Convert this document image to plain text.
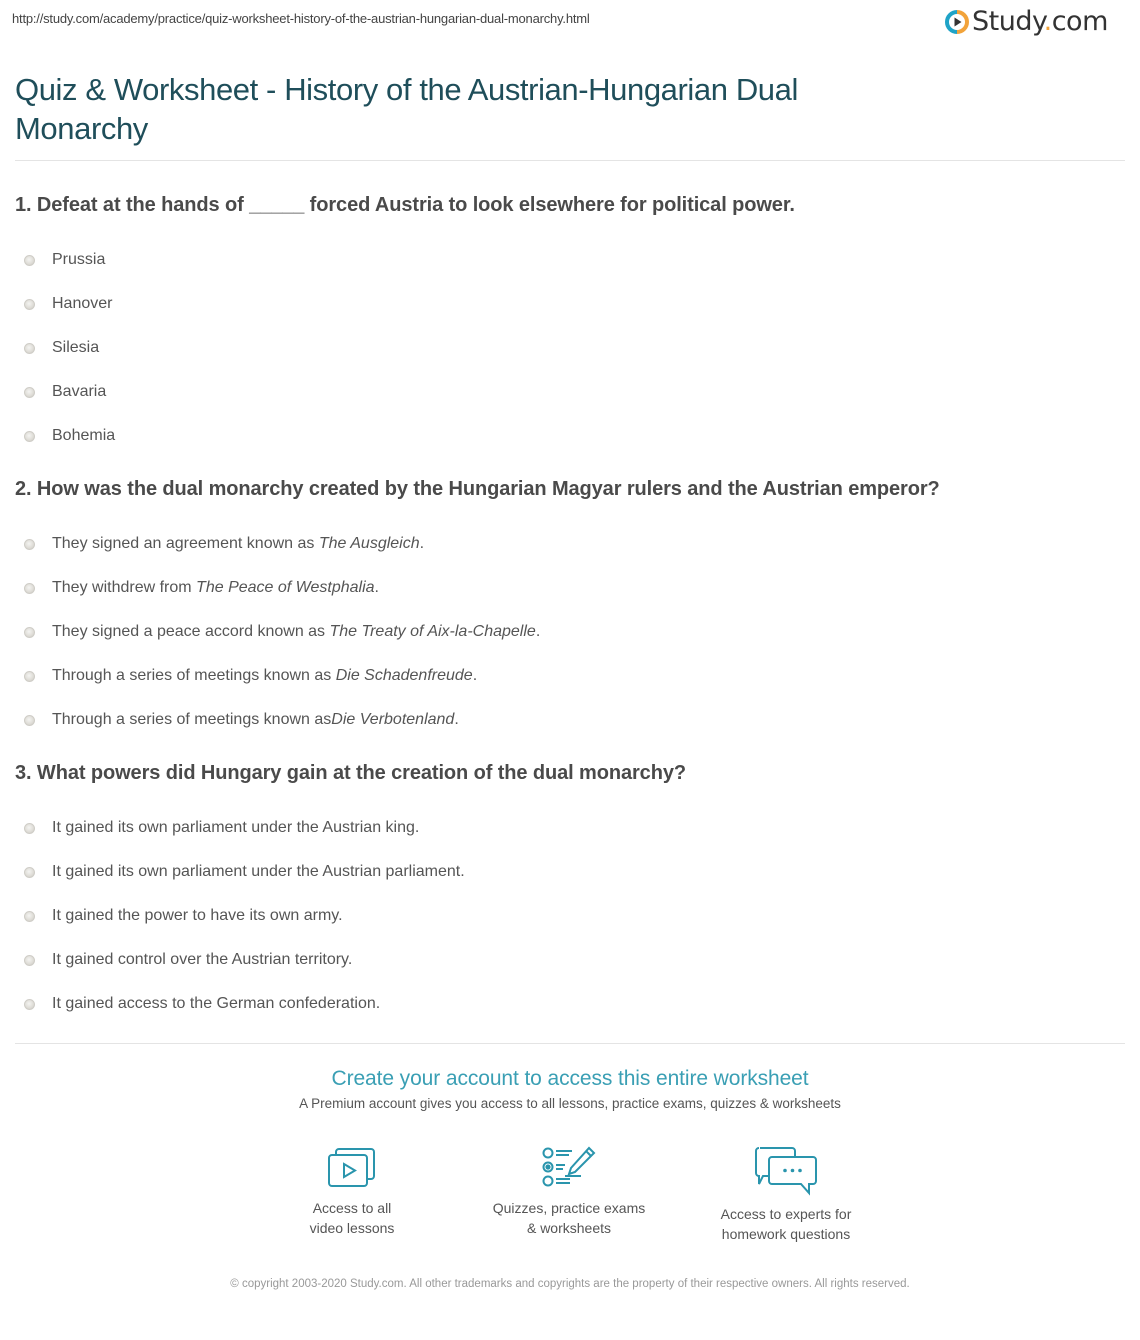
http://study.com/academy/practice/quiz-worksheet-history-of-the-austrian-hungarian-dual-monarchy.html	Study.com
Quiz & Worksheet - History of the Austrian-Hungarian Dual Monarchy
1. Defeat at the hands of _____ forced Austria to look elsewhere for political power.
Prussia
Hanover
Silesia
Bavaria
Bohemia
2. How was the dual monarchy created by the Hungarian Magyar rulers and the Austrian emperor?
They signed an agreement known as The Ausgleich.
They withdrew from The Peace of Westphalia.
They signed a peace accord known as The Treaty of Aix-la-Chapelle.
Through a series of meetings known as Die Schadenfreude.
Through a series of meetings known asDie Verbotenland.
3. What powers did Hungary gain at the creation of the dual monarchy?
It gained its own parliament under the Austrian king.
It gained its own parliament under the Austrian parliament.
It gained the power to have its own army.
It gained control over the Austrian territory.
It gained access to the German confederation.
Create your account to access this entire worksheet
A Premium account gives you access to all lessons, practice exams, quizzes & worksheets
Access to all
video lessons
Quizzes, practice exams
& worksheets
Access to experts for
homework questions
© copyright 2003-2020 Study.com. All other trademarks and copyrights are the property of their respective owners. All rights reserved.
